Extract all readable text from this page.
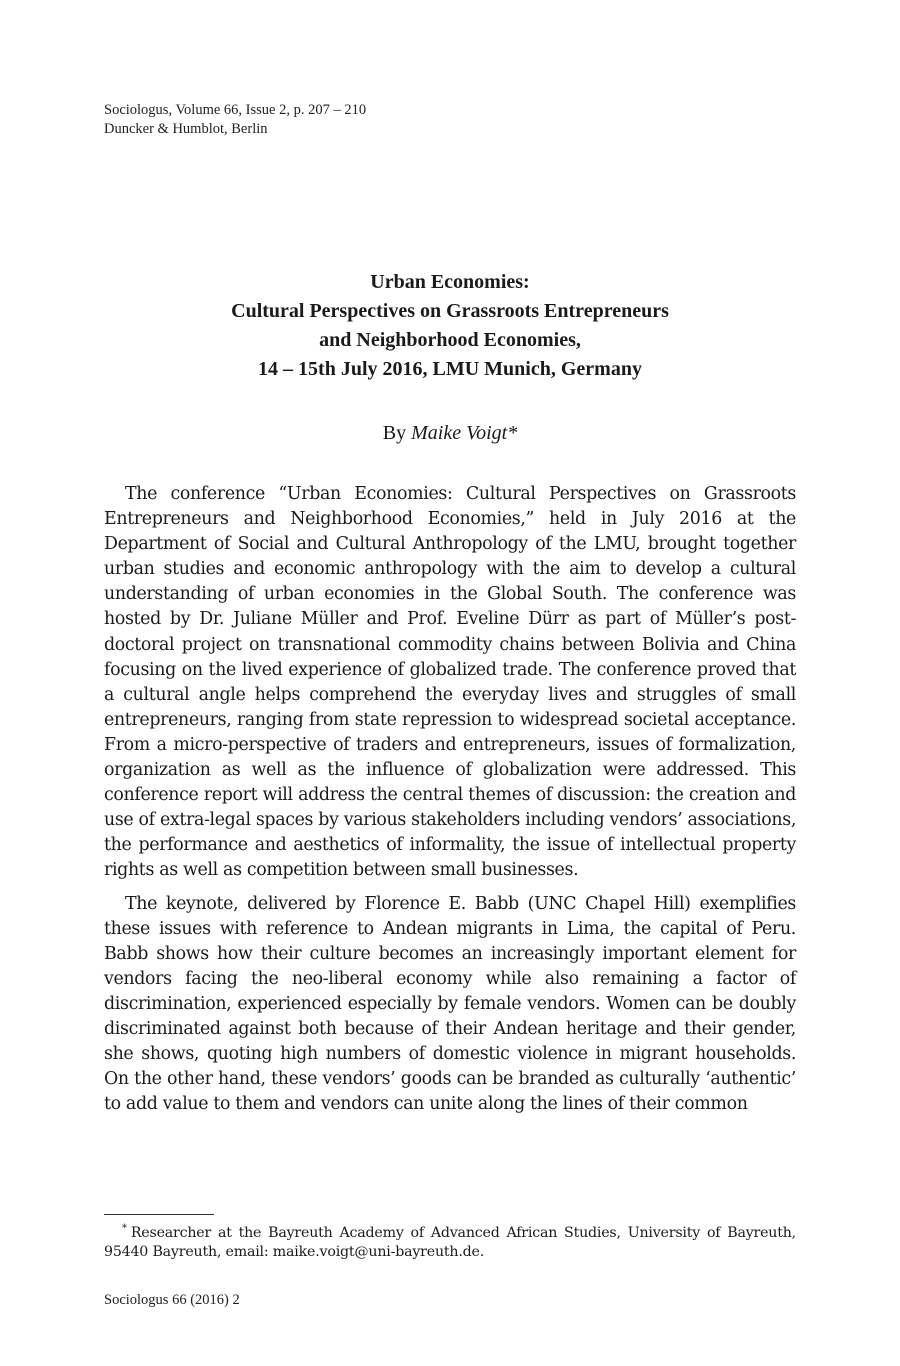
Sociologus, Volume 66, Issue 2, p. 207 – 210
Duncker & Humblot, Berlin
Urban Economies:
Cultural Perspectives on Grassroots Entrepreneurs
and Neighborhood Economies,
14 – 15th July 2016, LMU Munich, Germany
By Maike Voigt*

The conference “Urban Economies: Cultural Perspectives on Grassroots Entrepreneurs and Neighborhood Economies,” held in July 2016 at the Department of Social and Cultural Anthropology of the LMU, brought together urban studies and economic anthropology with the aim to develop a cultural understanding of urban economies in the Global South. The conference was hosted by Dr. Juliane Müller and Prof. Eveline Dürr as part of Müller’s post-doctoral project on transnational commodity chains between Bolivia and China focusing on the lived experience of globalized trade. The conference proved that a cultural angle helps comprehend the everyday lives and struggles of small entrepreneurs, ranging from state repression to widespread societal acceptance. From a micro-perspective of traders and entrepreneurs, issues of formalization, organization as well as the influence of globalization were addressed. This conference report will address the central themes of discussion: the creation and use of extra-legal spaces by various stakeholders including vendors’ associations, the performance and aesthetics of informality, the issue of intellectual property rights as well as competition between small businesses.

The keynote, delivered by Florence E. Babb (UNC Chapel Hill) exemplifies these issues with reference to Andean migrants in Lima, the capital of Peru. Babb shows how their culture becomes an increasingly important element for vendors facing the neo-liberal economy while also remaining a factor of discrimination, experienced especially by female vendors. Women can be doubly discriminated against both because of their Andean heritage and their gender, she shows, quoting high numbers of domestic violence in migrant households. On the other hand, these vendors’ goods can be branded as culturally ‘authentic’ to add value to them and vendors can unite along the lines of their common

* Researcher at the Bayreuth Academy of Advanced African Studies, University of Bayreuth, 95440 Bayreuth, email: maike.voigt@uni-bayreuth.de.
Sociologus 66 (2016) 2
